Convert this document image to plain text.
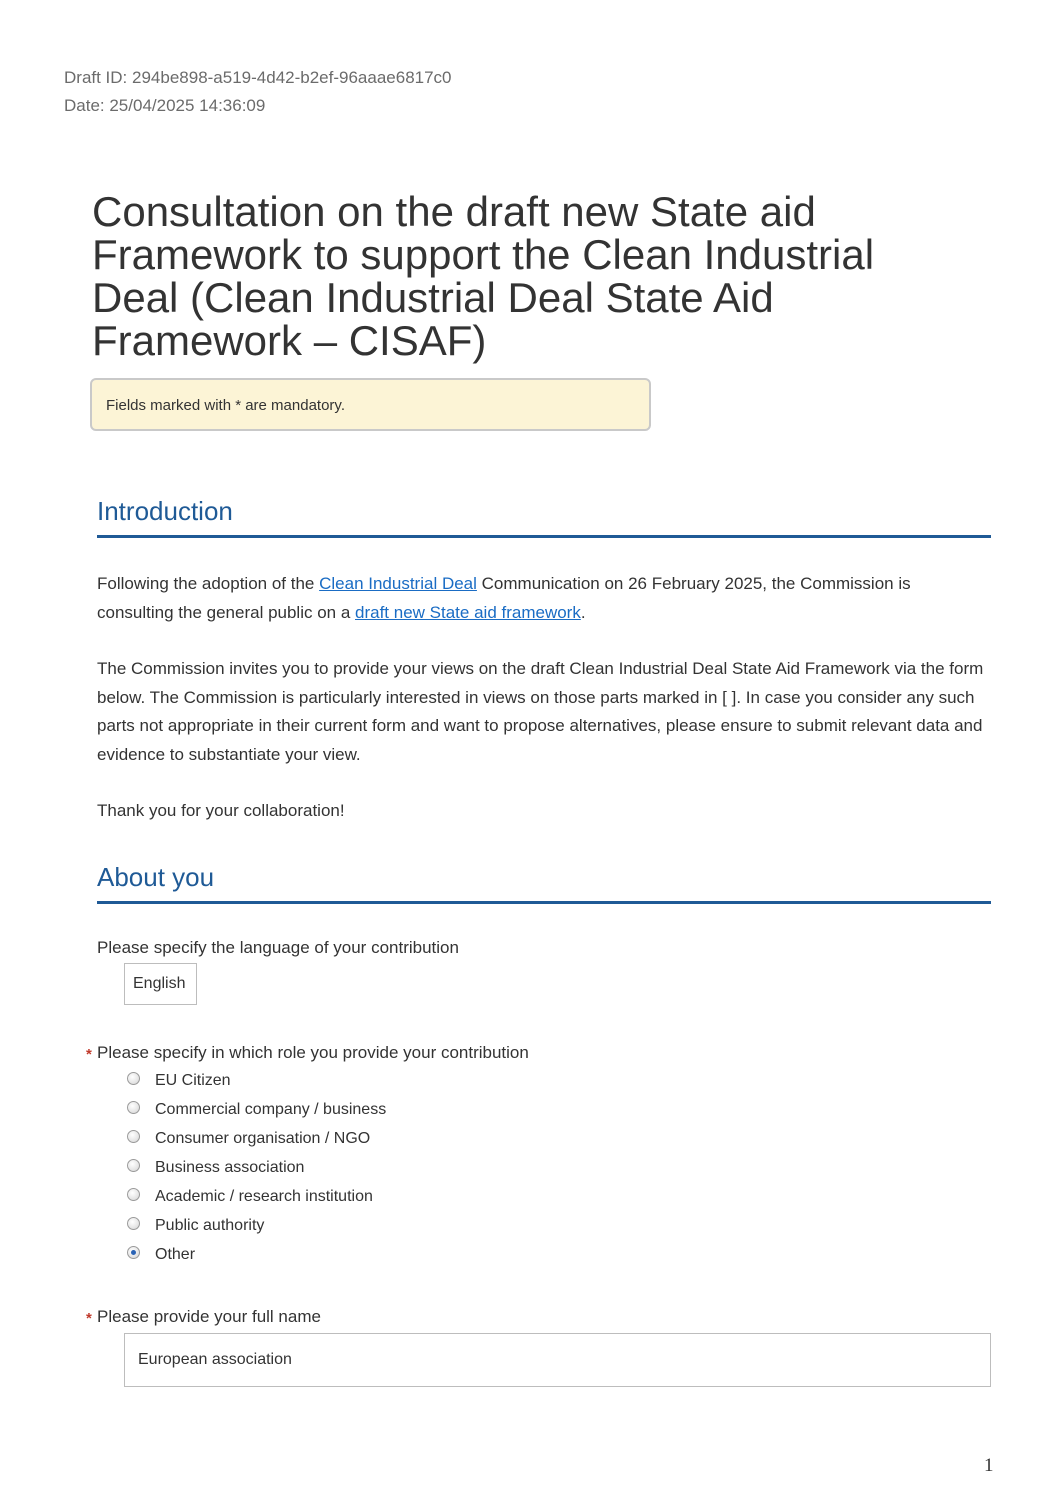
Draft ID: 294be898-a519-4d42-b2ef-96aaae6817c0
Date: 25/04/2025 14:36:09
Consultation on the draft new State aid Framework to support the Clean Industrial Deal (Clean Industrial Deal State Aid Framework – CISAF)
Fields marked with * are mandatory.
Introduction

Following the adoption of the Clean Industrial Deal Communication on 26 February 2025, the Commission is consulting the general public on a draft new State aid framework.

The Commission invites you to provide your views on the draft Clean Industrial Deal State Aid Framework via the form below. The Commission is particularly interested in views on those parts marked in [ ]. In case you consider any such parts not appropriate in their current form and want to propose alternatives, please ensure to submit relevant data and evidence to substantiate your view.

Thank you for your collaboration!

About you
Please specify the language of your contribution
English
* Please specify in which role you provide your contribution
EU Citizen
Commercial company / business
Consumer organisation / NGO
Business association
Academic / research institution
Public authority
Other
* Please provide your full name
European association
1
